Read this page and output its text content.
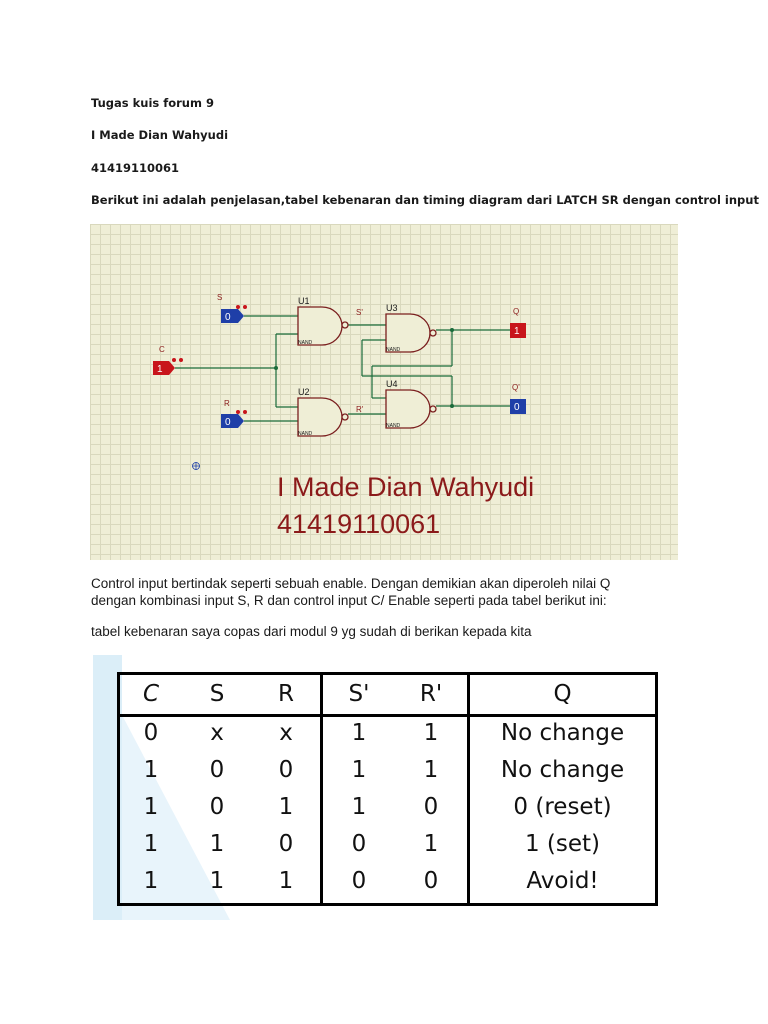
Tugas kuis forum 9
I Made Dian Wahyudi
41419110061
Berikut ini adalah penjelasan,tabel kebenaran dan timing diagram dari LATCH SR dengan control input
U1
U2
U3
U4
NAND
NAND
NAND
NAND
S'
R'
S
0
C
1
R
0
Q
1
Q'
0
I Made Dian Wahyudi
41419110061
Control input bertindak seperti sebuah enable. Dengan demikian akan diperoleh nilai Q
dengan kombinasi input S, R dan control input C/ Enable seperti pada tabel berikut ini:
tabel kebenaran saya copas dari modul 9 yg sudah di berikan kepada kita
C	S	R	S'	R'	Q
0	x	x	1	1	No change
1	0	0	1	1	No change
1	0	1	1	0	0 (reset)
1	1	0	0	1	1 (set)
1	1	1	0	0	Avoid!
